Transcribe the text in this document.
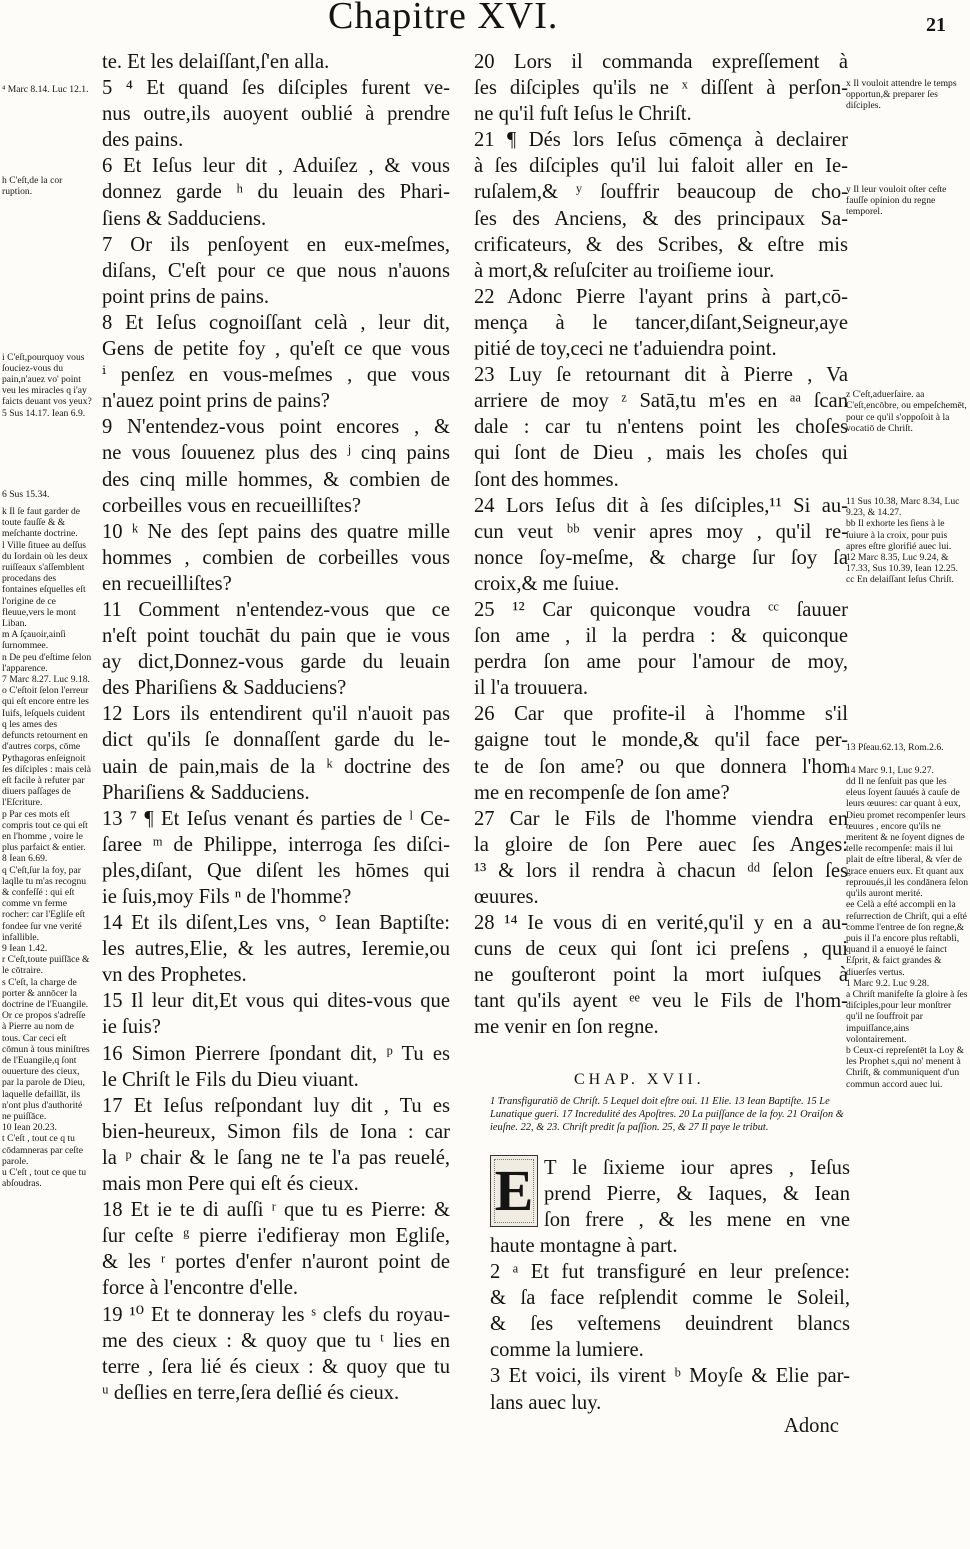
Chapitre XVI.	21
te. Et les delaiſſant,ſ'en alla.
5 ⁴ Et quand ſes diſciples furent ve-
nus outre,ils auoyent oublié à prendre
des pains.
6 Et Ieſus leur dit , Aduiſez , & vous
donnez garde ʰ du leuain des Phari-
ſiens & Sadduciens.
7 Or ils penſoyent en eux-meſmes,
diſans, C'eſt pour ce que nous n'auons
point prins de pains.
8 Et Ieſus cognoiſſant celà , leur dit,
Gens de petite foy , qu'eſt ce que vous
ⁱ penſez en vous-meſmes , que vous
n'auez point prins de pains?
9 N'entendez-vous point encores , &
ne vous ſouuenez plus des ʲ cinq pains
des cinq mille hommes, & combien de
corbeilles vous en recueilliſtes?
10 ᵏ Ne des ſept pains des quatre mille
hommes , combien de corbeilles vous
en recueilliſtes?
11 Comment n'entendez-vous que ce
n'eſt point touchāt du pain que ie vous
ay dict,Donnez-vous garde du leuain
des Phariſiens & Sadduciens?
12 Lors ils entendirent qu'il n'auoit pas
dict qu'ils ſe donnaſſent garde du le-
uain de pain,mais de la ᵏ doctrine des
Phariſiens & Sadduciens.
13 ⁷ ¶ Et Ieſus venant és parties de ˡ Ce-
ſaree ᵐ de Philippe, interroga ſes diſci-
ples,diſant, Que diſent les hōmes qui
ie ſuis,moy Fils ⁿ de l'homme?
14 Et ils diſent,Les vns, ° Iean Baptiſte:
les autres,Elie, & les autres, Ieremie,ou
vn des Prophetes.
15 Il leur dit,Et vous qui dites-vous que
ie ſuis?
16 Simon Pierrere ſpondant dit, ᵖ Tu es
le Chriſt le Fils du Dieu viuant.
17 Et Ieſus reſpondant luy dit , Tu es
bien-heureux, Simon fils de Iona : car
la ᵖ chair & le ſang ne te l'a pas reuelé,
mais mon Pere qui eſt és cieux.
18 Et ie te di auſſi ʳ que tu es Pierre: &
ſur ceſte ᵍ pierre i'edifieray mon Egliſe,
& les ʳ portes d'enfer n'auront point de
force à l'encontre d'elle.
19 ¹⁰ Et te donneray les ˢ clefs du royau-
me des cieux : & quoy que tu ᵗ lies en
terre , ſera lié és cieux : & quoy que tu
ᵘ deſlies en terre,ſera deſlié és cieux.
20 Lors il commanda expreſſement à
ſes diſciples qu'ils ne ˣ diſſent à perſon-
ne qu'il fuſt Ieſus le Chriſt.
21 ¶ Dés lors Ieſus cōmença à declairer
à ſes diſciples qu'il lui faloit aller en Ie-
ruſalem,& ʸ ſouffrir beaucoup de cho-
ſes des Anciens, & des principaux Sa-
crificateurs, & des Scribes, & eſtre mis
à mort,& reſuſciter au troiſieme iour.
22 Adonc Pierre l'ayant prins à part,cō-
mença à le tancer,diſant,Seigneur,aye
pitié de toy,ceci ne t'aduiendra point.
23 Luy ſe retournant dit à Pierre , Va
arriere de moy ᶻ Satā,tu m'es en ᵃᵃ ſcan
dale : car tu n'entens point les choſes
qui ſont de Dieu , mais les choſes qui
ſont des hommes.
24 Lors Ieſus dit à ſes diſciples,¹¹ Si au-
cun veut ᵇᵇ venir apres moy , qu'il re-
nonce ſoy-meſme, & charge ſur ſoy ſa
croix,& me ſuiue.
25 ¹² Car quiconque voudra ᶜᶜ ſauuer
ſon ame , il la perdra : & quiconque
perdra ſon ame pour l'amour de moy,
il l'a trouuera.
26 Car que profite-il à l'homme s'il
gaigne tout le monde,& qu'il face per-
te de ſon ame? ou que donnera l'hom
me en recompenſe de ſon ame?
27 Car le Fils de l'homme viendra en
la gloire de ſon Pere auec ſes Anges:
¹³ & lors il rendra à chacun ᵈᵈ ſelon ſes
œuures.
28 ¹⁴ Ie vous di en verité,qu'il y en a au-
cuns de ceux qui ſont ici preſens , qui
ne gouſteront point la mort iuſques à
tant qu'ils ayent ᵉᵉ veu le Fils de l'hom-
me venir en ſon regne.
⁴ Marc 8.14. Luc 12.1.
h C'eſt,de la cor ruption.
i C'eſt,pourquoy vous ſouciez-vous du pain,n'auez vo' point veu les miracles q i'ay faicts deuant vos yeux?
5 Sus 14.17. Iean 6.9.
6 Sus 15.34.
k Il ſe faut garder de toute fauſſe & & meſchante doctrine.
l Ville ſituee au deſſus du Iordain où les deux ruiſſeaux s'aſſemblent procedans des fontaines eſquelles eſt l'origine de ce fleuue,vers le mont Liban.
m A ſçauoir,ainſi ſurnommee.
n De peu d'eſtime ſelon l'apparence.
7 Marc 8.27. Luc 9.18.
o C'eſtoit ſelon l'erreur qui eſt encore entre les Iuifs, leſquels cuident q les ames des defuncts retournent en d'autres corps, cōme Pythagoras enſeignoit ſes diſciples : mais celà eſt facile à refuter par diuers paſſages de l'Eſcriture.
p Par ces mots eſt compris tout ce qui eſt en l'homme , voire le plus parfaict & entier.
8 Iean 6.69.
q C'eſt,ſur la foy, par laqlle tu m'as recognu & confeſſé : qui eſt comme vn ferme rocher: car l'Egliſe eſt fondee ſur vne verité infallible.
9 Iean 1.42.
r C'eſt,toute puiſſāce & le cōtraire.
s C'eſt, la charge de porter & annōcer la doctrine de l'Euangile. Or ce propos s'adreſſe à Pierre au nom de tous. Car ceci eſt cōmun à tous miniſtres de l'Euangile,q ſont ouuerture des cieux, par la parole de Dieu, laquelle defaillāt, ils n'ont plus d'authorité ne puiſſāce.
10 Iean 20.23.
t C'eſt , tout ce q tu cōdamneras par ceſte parole.
u C'eſt , tout ce que tu abſoudras.
x Il vouloit attendre le temps opportun,& preparer ſes diſciples.
y Il leur vouloit oſter ceſte fauſſe opinion du regne temporel.
z C'eſt,aduerſaire. aa C'eſt,encōbre, ou empeſchemēt, pour ce qu'il s'oppoſoit à la vocatiō de Chriſt.
11 Sus 10.38, Marc 8.34, Luc 9.23, & 14.27.
bb Il exhorte les ſiens à le ſuiure à la croix, pour puis apres eſtre glorifié auec lui.
12 Marc 8.35, Luc 9.24, & 17.33, Sus 10.39, Iean 12.25.
cc En delaiſſant Ieſus Chriſt.
13 Pſeau.62.13, Rom.2.6.
14 Marc 9.1, Luc 9.27.
dd Il ne ſenſuit pas que les eleus ſoyent ſauués à cauſe de leurs œuures: car quant à eux, Dieu promet recompenſer leurs œuures , encore qu'ils ne meritent & ne ſoyent dignes de telle recompenſe: mais il lui plait de eſtre liberal, & vſer de grace enuers eux. Et quant aux reprouués,il les condānera ſelon qu'ils auront merité.
ee Celà a eſté accompli en la reſurrection de Chriſt, qui a eſté comme l'entree de ſon regne,& puis il l'a encore plus reſtabli, quand il a enuoyé le ſainct Eſprit, & faict grandes & diuerſes vertus.
1 Marc 9.2. Luc 9.28.
a Chriſt manifeſte ſa gloire à ſes diſciples,pour leur monſtrer qu'il ne ſouffroit par impuiſſance,ains volontairement.
b Ceux-ci repreſentēt la Loy & les Prophet s,qui no' menent à Chriſt, & communiquent d'un commun accord auec lui.
CHAP. XVII.
1 Transfiguratiō de Chriſt. 5 Lequel doit eſtre oui. 11 Elie. 13 Iean Baptiſte. 15 Le Lunatique gueri. 17 Incredulité des Apoſtres. 20 La puiſſance de la foy. 21 Oraiſon & ieuſne. 22, & 23. Chriſt predit ſa paſſion. 25, & 27 Il paye le tribut.
E T le ſixieme iour apres , Ieſus
prend Pierre, & Iaques, & Iean
ſon frere , & les mene en vne
haute montagne à part.
2 ᵃ Et fut transfiguré en leur preſence:
& ſa face reſplendit comme le Soleil,
& ſes veſtemens deuindrent blancs
comme la lumiere.
3 Et voici, ils virent ᵇ Moyſe & Elie par-
lans auec luy.
Adonc
